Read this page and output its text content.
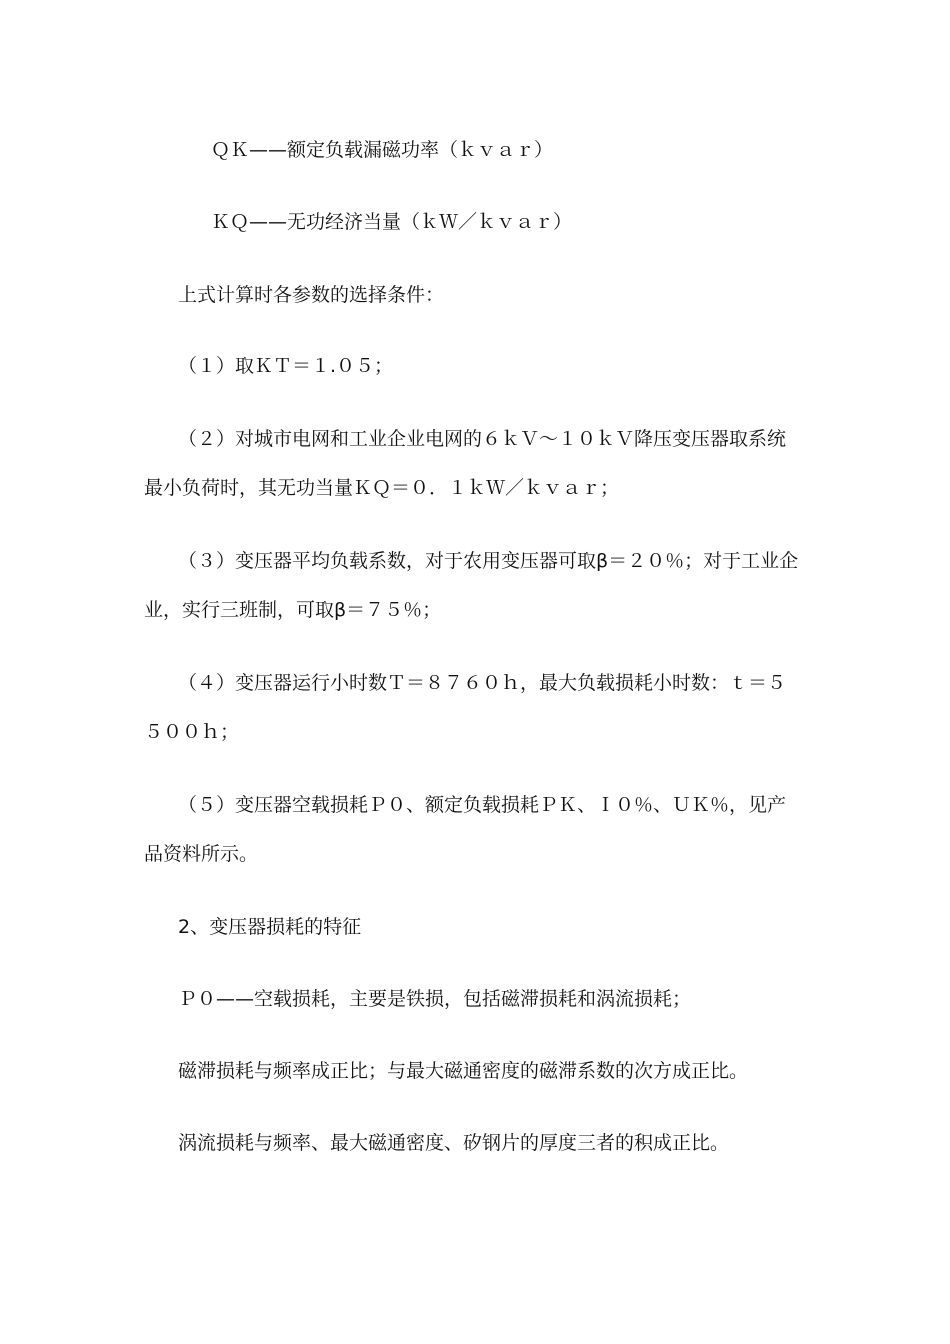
ＱＫ——额定负载漏磁功率（ｋｖａｒ）
ＫＱ——无功经济当量（ｋＷ／ｋｖａｒ）
上式计算时各参数的选择条件：
（１）取ＫＴ＝１.０５；
（２）对城市电网和工业企业电网的６ｋＶ～１０ｋＶ降压变压器取系统
最小负荷时，其无功当量ＫＱ＝０．１ｋＷ／ｋｖａｒ；
（３）变压器平均负载系数，对于农用变压器可取β＝２０％；对于工业企
业，实行三班制，可取β＝７５％；
（４）变压器运行小时数Ｔ＝８７６０ｈ，最大负载损耗小时数：ｔ＝５
５００ｈ；
（５）变压器空载损耗Ｐ０、额定负载损耗ＰＫ、Ｉ０％、ＵＫ％，见产
品资料所示。
2、变压器损耗的特征
Ｐ０——空载损耗，主要是铁损，包括磁滞损耗和涡流损耗；
磁滞损耗与频率成正比；与最大磁通密度的磁滞系数的次方成正比。
涡流损耗与频率、最大磁通密度、矽钢片的厚度三者的积成正比。
